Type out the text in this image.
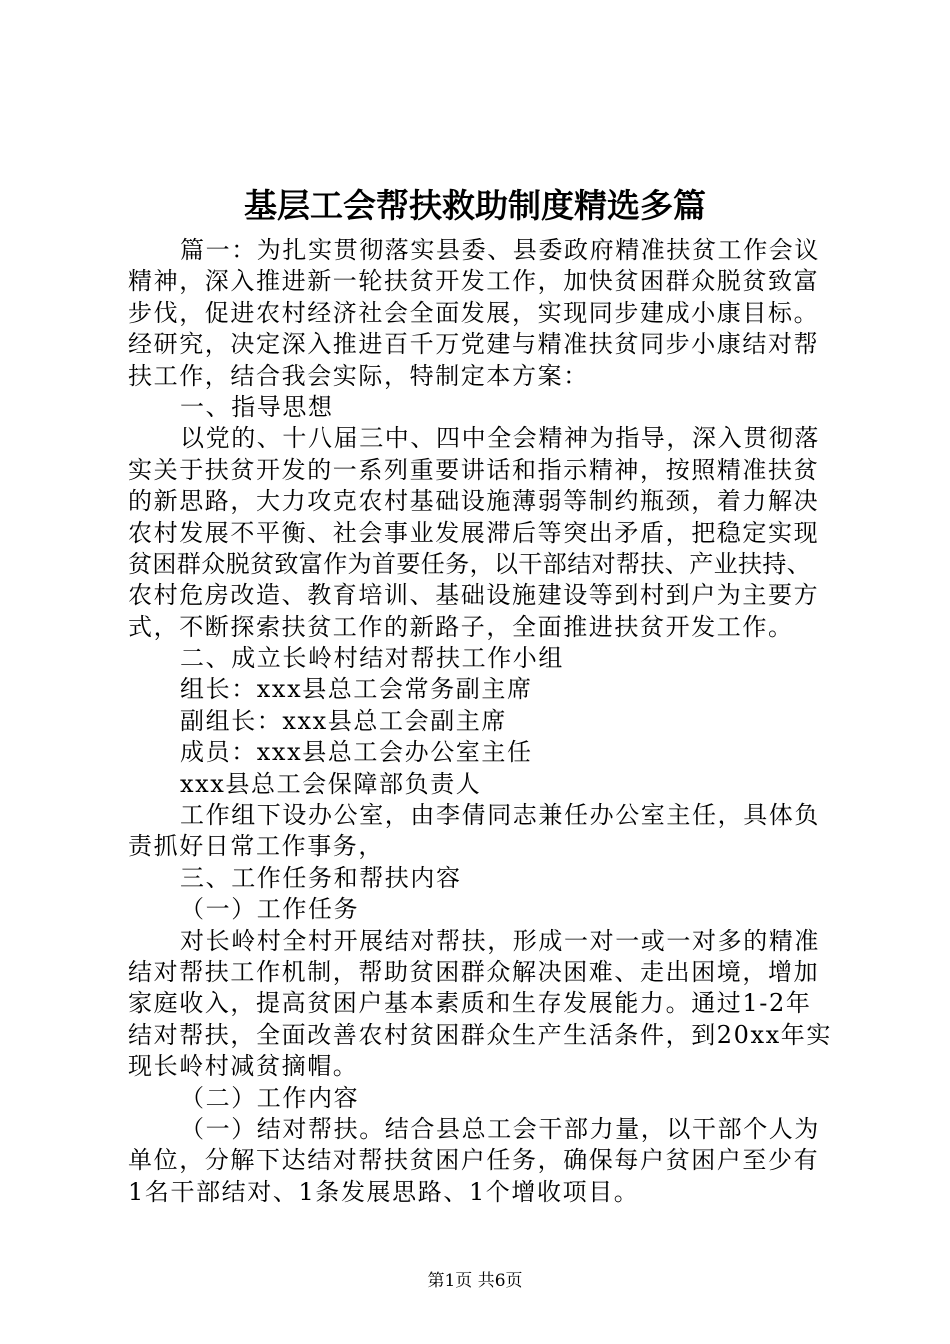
基层工会帮扶救助制度精选多篇
篇一：为扎实贯彻落实县委、县委政府精准扶贫工作会议
精神，深入推进新一轮扶贫开发工作，加快贫困群众脱贫致富
步伐，促进农村经济社会全面发展，实现同步建成小康目标。
经研究，决定深入推进百千万党建与精准扶贫同步小康结对帮
扶工作，结合我会实际，特制定本方案：
一、指导思想
以党的、十八届三中、四中全会精神为指导，深入贯彻落
实关于扶贫开发的一系列重要讲话和指示精神，按照精准扶贫
的新思路，大力攻克农村基础设施薄弱等制约瓶颈，着力解决
农村发展不平衡、社会事业发展滞后等突出矛盾，把稳定实现
贫困群众脱贫致富作为首要任务，以干部结对帮扶、产业扶持、
农村危房改造、教育培训、基础设施建设等到村到户为主要方
式，不断探索扶贫工作的新路子，全面推进扶贫开发工作。
二、成立长岭村结对帮扶工作小组
组长：xxx县总工会常务副主席
副组长：xxx县总工会副主席
成员：xxx县总工会办公室主任
xxx县总工会保障部负责人
工作组下设办公室，由李倩同志兼任办公室主任，具体负
责抓好日常工作事务，
三、工作任务和帮扶内容
（一）工作任务
对长岭村全村开展结对帮扶，形成一对一或一对多的精准
结对帮扶工作机制，帮助贫困群众解决困难、走出困境，增加
家庭收入，提高贫困户基本素质和生存发展能力。通过1-2年
结对帮扶，全面改善农村贫困群众生产生活条件，到20xx年实
现长岭村减贫摘帽。
（二）工作内容
（一）结对帮扶。结合县总工会干部力量，以干部个人为
单位，分解下达结对帮扶贫困户任务，确保每户贫困户至少有
1名干部结对、1条发展思路、1个增收项目。
第1页 共6页
